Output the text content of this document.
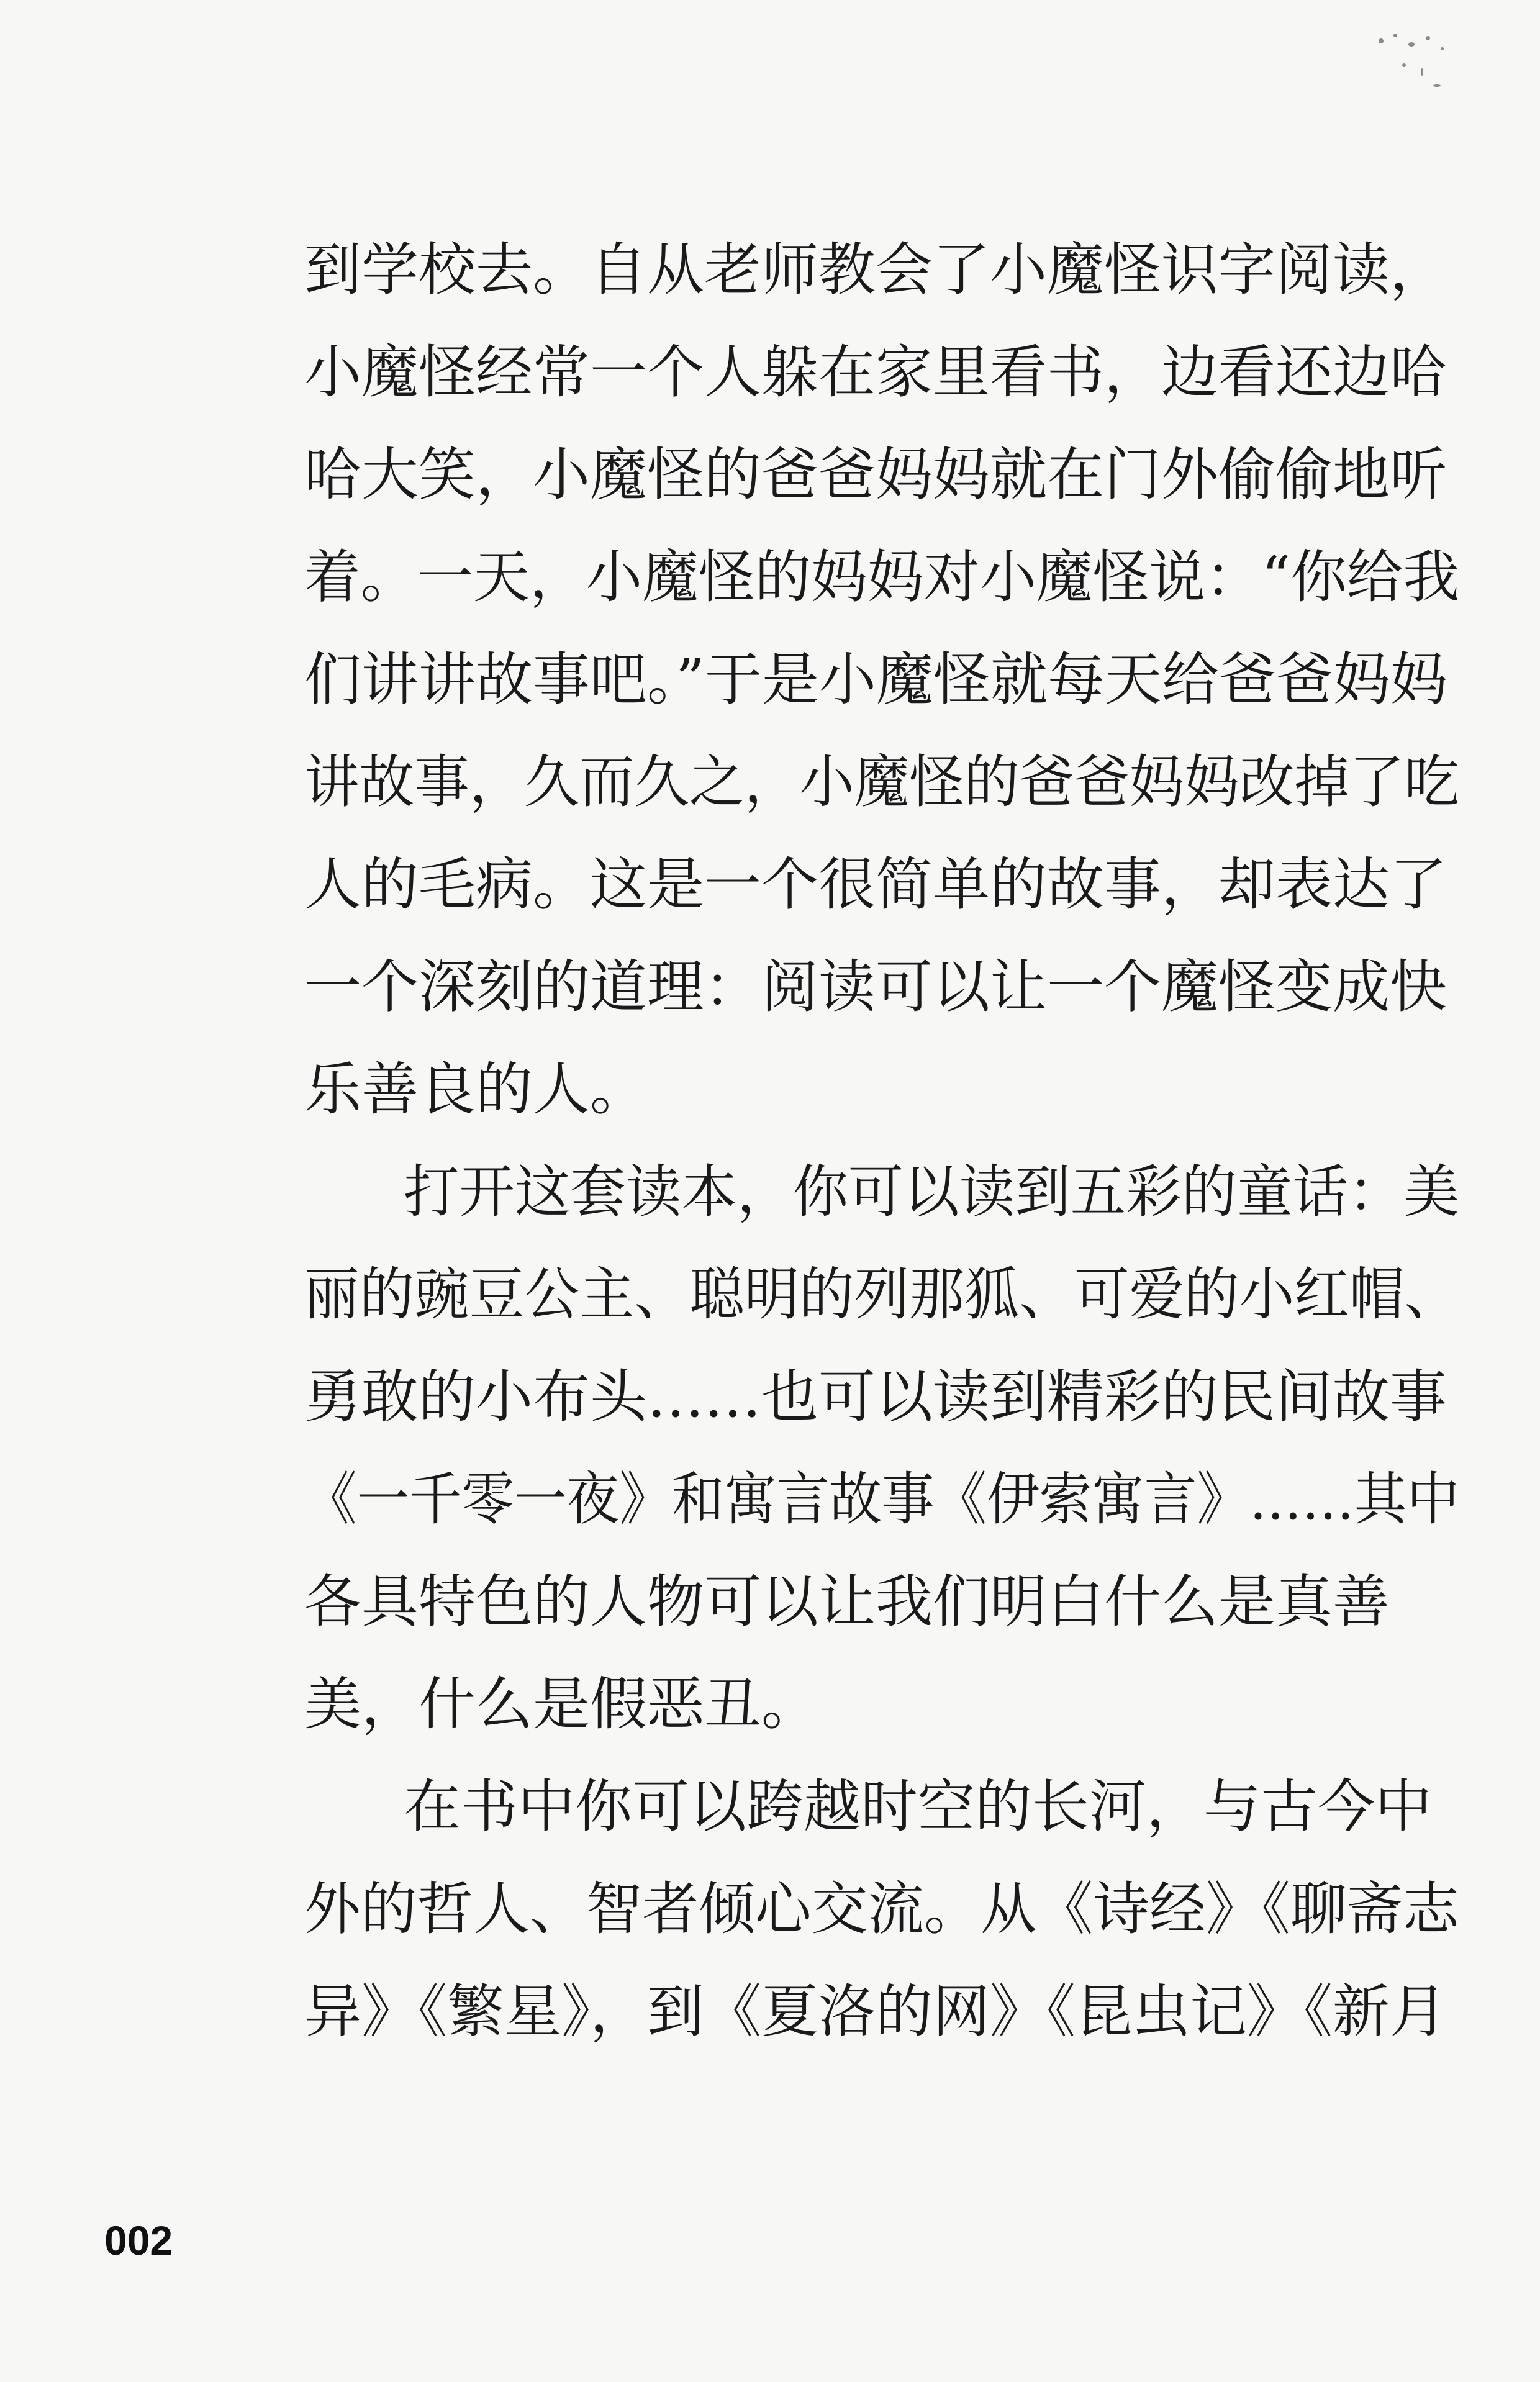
到学校去。自从老师教会了小魔怪识字阅读，
小魔怪经常一个人躲在家里看书，边看还边哈
哈大笑，小魔怪的爸爸妈妈就在门外偷偷地听
着。一天，小魔怪的妈妈对小魔怪说：“你给我
们讲讲故事吧。”于是小魔怪就每天给爸爸妈妈
讲故事，久而久之，小魔怪的爸爸妈妈改掉了吃
人的毛病。这是一个很简单的故事，却表达了
一个深刻的道理：阅读可以让一个魔怪变成快
乐善良的人。
打开这套读本，你可以读到五彩的童话：美
丽的豌豆公主、聪明的列那狐、可爱的小红帽、
勇敢的小布头……也可以读到精彩的民间故事
《一千零一夜》和寓言故事《伊索寓言》……其中
各具特色的人物可以让我们明白什么是真善
美，什么是假恶丑。
在书中你可以跨越时空的长河，与古今中
外的哲人、智者倾心交流。从《诗经》《聊斋志
异》《繁星》，到《夏洛的网》《昆虫记》《新月
002
